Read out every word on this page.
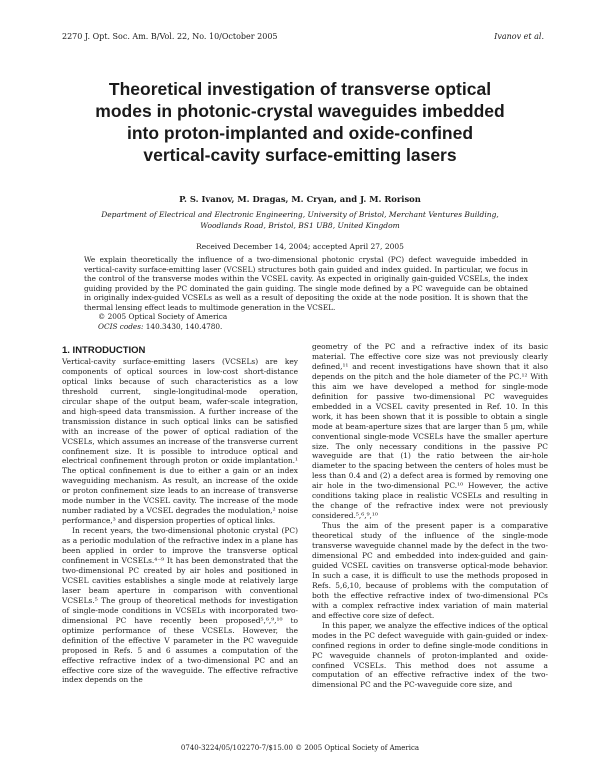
2270 J. Opt. Soc. Am. B/Vol. 22, No. 10/October 2005	Ivanov et al.
Theoretical investigation of transverse optical
modes in photonic-crystal waveguides imbedded
into proton-implanted and oxide-confined
vertical-cavity surface-emitting lasers
P. S. Ivanov, M. Dragas, M. Cryan, and J. M. Rorison
Department of Electrical and Electronic Engineering, University of Bristol, Merchant Ventures Building,
Woodlands Road, Bristol, BS1 UB8, United Kingdom
Received December 14, 2004; accepted April 27, 2005
We explain theoretically the influence of a two-dimensional photonic crystal (PC) defect waveguide imbedded in vertical-cavity surface-emitting laser (VCSEL) structures both gain guided and index guided. In particular, we focus in the control of the transverse modes within the VCSEL cavity. As expected in originally gain-guided VCSELs, the index guiding provided by the PC dominated the gain guiding. The single mode defined by a PC waveguide can be obtained in originally index-guided VCSELs as well as a result of depositing the oxide at the node position. It is shown that the thermal lensing effect leads to multimode generation in the VCSEL.
© 2005 Optical Society of America
OCIS codes: 140.3430, 140.4780.
1. INTRODUCTION

Vertical-cavity surface-emitting lasers (VCSELs) are key components of optical sources in low-cost short-distance optical links because of such characteristics as a low threshold current, single-longitudinal-mode operation, circular shape of the output beam, wafer-scale integration, and high-speed data transmission. A further increase of the transmission distance in such optical links can be satisfied with an increase of the power of optical radiation of the VCSELs, which assumes an increase of the transverse current confinement size. It is possible to introduce optical and electrical confinement through proton or oxide implantation.¹ The optical confinement is due to either a gain or an index waveguiding mechanism. As result, an increase of the oxide or proton confinement size leads to an increase of transverse mode number in the VCSEL cavity. The increase of the mode number radiated by a VCSEL degrades the modulation,² noise performance,³ and dispersion properties of optical links.

In recent years, the two-dimensional photonic crystal (PC) as a periodic modulation of the refractive index in a plane has been applied in order to improve the transverse optical confinement in VCSELs.⁴⁻⁹ It has been demonstrated that the two-dimensional PC created by air holes and positioned in VCSEL cavities establishes a single mode at relatively large laser beam aperture in comparison with conventional VCSELs.⁵ The group of theoretical methods for investigation of single-mode conditions in VCSELs with incorporated two-dimensional PC have recently been proposed⁵,⁶,⁹,¹⁰ to optimize performance of these VCSELs. However, the definition of the effective V parameter in the PC waveguide proposed in Refs. 5 and 6 assumes a computation of the effective refractive index of a two-dimensional PC and an effective core size of the waveguide. The effective refractive index depends on the

geometry of the PC and a refractive index of its basic material. The effective core size was not previously clearly defined,¹¹ and recent investigations have shown that it also depends on the pitch and the hole diameter of the PC.¹² With this aim we have developed a method for single-mode definition for passive two-dimensional PC waveguides embedded in a VCSEL cavity presented in Ref. 10. In this work, it has been shown that it is possible to obtain a single mode at beam-aperture sizes that are larger than 5 μm, while conventional single-mode VCSELs have the smaller aperture size. The only necessary conditions in the passive PC waveguide are that (1) the ratio between the air-hole diameter to the spacing between the centers of holes must be less than 0.4 and (2) a defect area is formed by removing one air hole in the two-dimensional PC.¹⁰ However, the active conditions taking place in realistic VCSELs and resulting in the change of the refractive index were not previously considered.⁵,⁶,⁹,¹⁰

Thus the aim of the present paper is a comparative theoretical study of the influence of the single-mode transverse waveguide channel made by the defect in the two-dimensional PC and embedded into index-guided and gain-guided VCSEL cavities on transverse optical-mode behavior. In such a case, it is difficult to use the methods proposed in Refs. 5,6,10, because of problems with the computation of both the effective refractive index of two-dimensional PCs with a complex refractive index variation of main material and effective core size of defect.

In this paper, we analyze the effective indices of the optical modes in the PC defect waveguide with gain-guided or index-confined regions in order to define single-mode conditions in PC waveguide channels of proton-implanted and oxide-confined VCSELs. This method does not assume a computation of an effective refractive index of the two-dimensional PC and the PC-waveguide core size, and

0740-3224/05/102270-7/$15.00 © 2005 Optical Society of America
